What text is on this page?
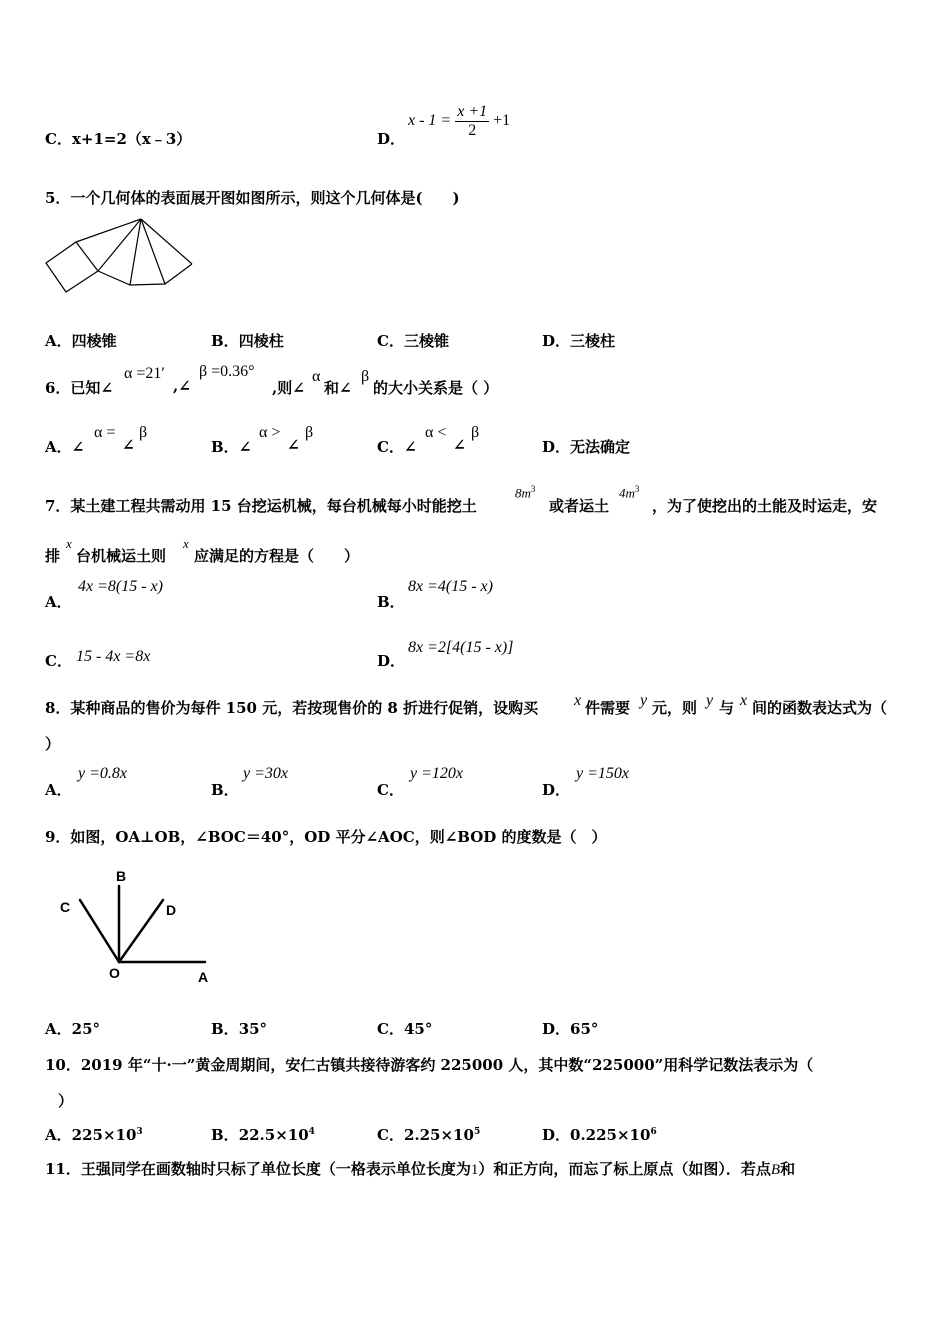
C．x+1=2（x﹣3）	D．
$x - 1 = \frac{x +1}{2} +1$
5．一个几何体的表面展开图如图所示，则这个几何体是(　　)
A．四棱锥	B．四棱柱	C．三棱锥	D．三棱柱
6．已知∠
α =21′
,∠
β =0.36°
,则∠
α
和∠
β
的大小关系是（ ）
A．∠
α =
∠
β
B．∠
α >
∠
β
C．∠
α <
∠
β
D．无法确定
7．某土建工程共需动用 15 台挖运机械，每台机械每小时能挖土
$8m^3$
或者运土
$4m^3$
，为了使挖出的土能及时运走，安
排
x
台机械运土则
x
应满足的方程是（　　）
A．
4x =8(15 - x)
B．
8x =4(15 - x)
C． 15 - 4x =8x	D．
8x =2[4(15 - x)]
8．某种商品的售价为每件 150 元，若按现售价的 8 折进行促销，设购买 x 件需要 y 元，则 y 与 x 间的函数表达式为（
）
A．
y =0.8x
B．
y =30x
C．
y =120x
D．
y =150x
9．如图，OA⊥OB，∠BOC＝40°，OD 平分∠AOC，则∠BOD 的度数是（　）
B
C	D
O	A
A．25°	B．35°	C．45°	D．65°
10．2019 年“十·一”黄金周期间，安仁古镇共接待游客约 225000 人，其中数“225000”用科学记数法表示为（
）
A．$225\times 10^3$	B．$22.5\times 10^4$	C．$2.25\times 10^5$	D．$0.225\times 10^6$
11．王强同学在画数轴时只标了单位长度（一格表示单位长度为1）和正方向，而忘了标上原点（如图）．若点B和
